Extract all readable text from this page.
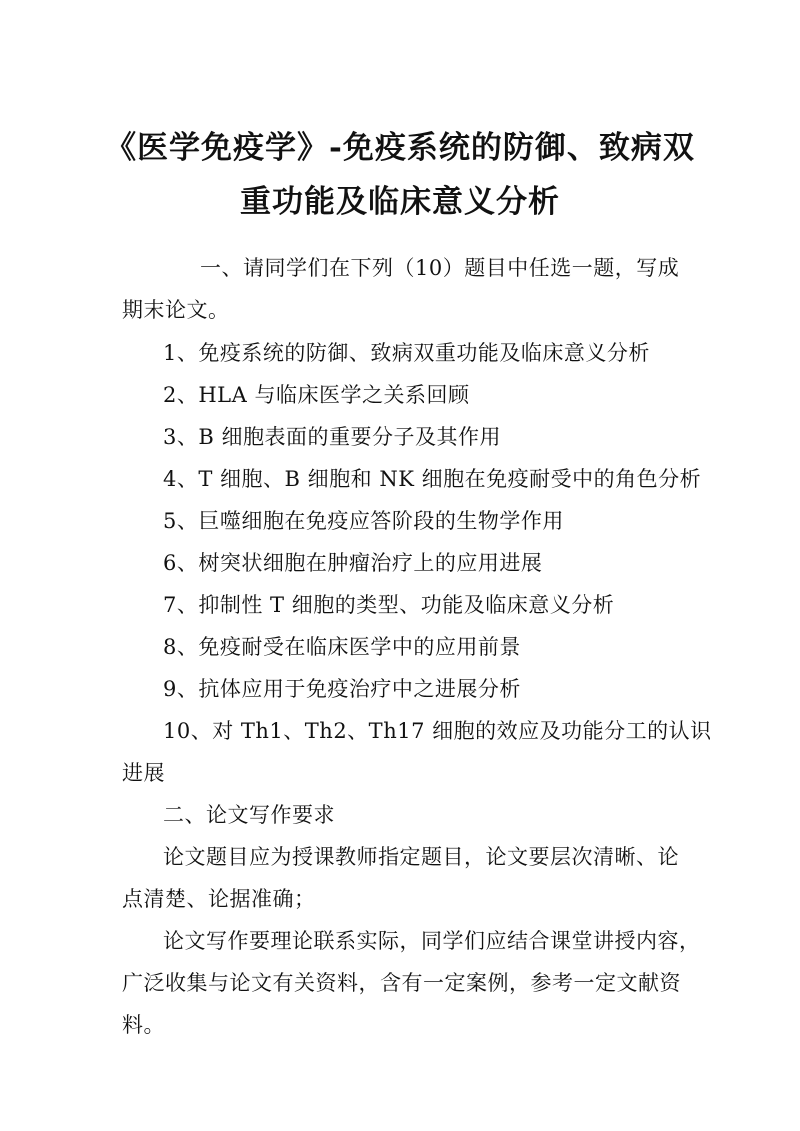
《医学免疫学》-免疫系统的防御、致病双
重功能及临床意义分析
一、请同学们在下列（10）题目中任选一题，写成
期末论文。
1、免疫系统的防御、致病双重功能及临床意义分析
2、HLA 与临床医学之关系回顾
3、B 细胞表面的重要分子及其作用
4、T 细胞、B 细胞和 NK 细胞在免疫耐受中的角色分析
5、巨噬细胞在免疫应答阶段的生物学作用
6、树突状细胞在肿瘤治疗上的应用进展
7、抑制性 T 细胞的类型、功能及临床意义分析
8、免疫耐受在临床医学中的应用前景
9、抗体应用于免疫治疗中之进展分析
10、对 Th1、Th2、Th17 细胞的效应及功能分工的认识
进展
二、论文写作要求
论文题目应为授课教师指定题目，论文要层次清晰、论
点清楚、论据准确；
论文写作要理论联系实际，同学们应结合课堂讲授内容，
广泛收集与论文有关资料，含有一定案例，参考一定文献资
料。
